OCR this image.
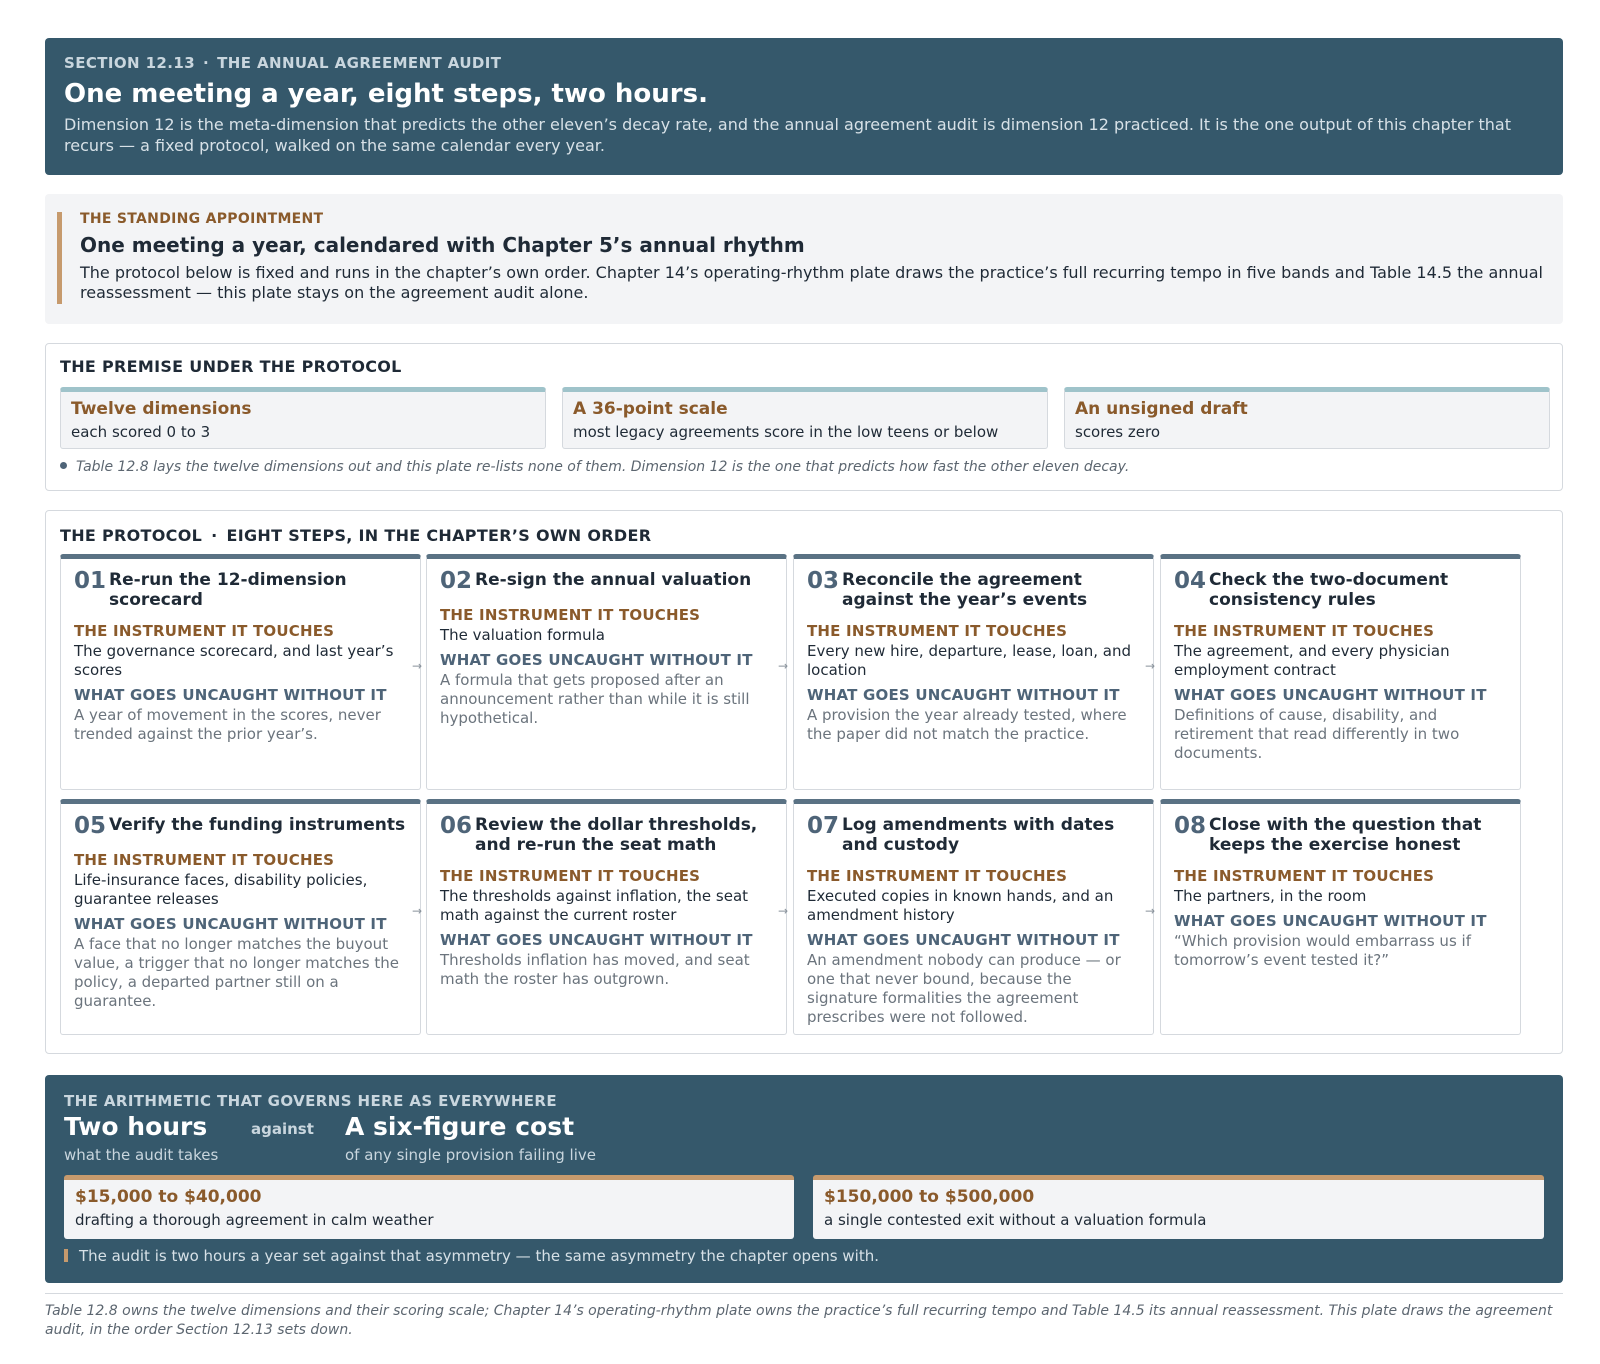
SECTION 12.13 · THE ANNUAL AGREEMENT AUDIT
One meeting a year, eight steps, two hours.

Dimension 12 is the meta-dimension that predicts the other eleven’s decay rate, and the annual agreement audit is dimension 12 practiced. It is the one output of this chapter that recurs — a fixed protocol, walked on the same calendar every year.

THE STANDING APPOINTMENT
One meeting a year, calendared with Chapter 5’s annual rhythm

The protocol below is fixed and runs in the chapter’s own order. Chapter 14’s operating-rhythm plate draws the practice’s full recurring tempo in five bands and Table 14.5 the annual reassessment — this plate stays on the agreement audit alone.

THE PREMISE UNDER THE PROTOCOL
Twelve dimensions
each scored 0 to 3
A 36-point scale
most legacy agreements score in the low teens or below
An unsigned draft
scores zero
Table 12.8 lays the twelve dimensions out and this plate re-lists none of them. Dimension 12 is the one that predicts how fast the other eleven decay.
THE PROTOCOL · EIGHT STEPS, IN THE CHAPTER’S OWN ORDER
01 Re-run the 12-dimension scorecard
THE INSTRUMENT IT TOUCHES
The governance scorecard, and last year’s scores
WHAT GOES UNCAUGHT WITHOUT IT
A year of movement in the scores, never trended against the prior year’s.
→
02 Re-sign the annual valuation
THE INSTRUMENT IT TOUCHES
The valuation formula
WHAT GOES UNCAUGHT WITHOUT IT
A formula that gets proposed after an announcement rather than while it is still hypothetical.
→
03 Reconcile the agreement against the year’s events
THE INSTRUMENT IT TOUCHES
Every new hire, departure, lease, loan, and location
WHAT GOES UNCAUGHT WITHOUT IT
A provision the year already tested, where the paper did not match the practice.
→
04 Check the two-document consistency rules
THE INSTRUMENT IT TOUCHES
The agreement, and every physician employment contract
WHAT GOES UNCAUGHT WITHOUT IT
Definitions of cause, disability, and retirement that read differently in two documents.
05 Verify the funding instruments
THE INSTRUMENT IT TOUCHES
Life-insurance faces, disability policies, guarantee releases
WHAT GOES UNCAUGHT WITHOUT IT
A face that no longer matches the buyout value, a trigger that no longer matches the policy, a departed partner still on a guarantee.
→
06 Review the dollar thresholds, and re-run the seat math
THE INSTRUMENT IT TOUCHES
The thresholds against inflation, the seat math against the current roster
WHAT GOES UNCAUGHT WITHOUT IT
Thresholds inflation has moved, and seat math the roster has outgrown.
→
07 Log amendments with dates and custody
THE INSTRUMENT IT TOUCHES
Executed copies in known hands, and an amendment history
WHAT GOES UNCAUGHT WITHOUT IT
An amendment nobody can produce — or one that never bound, because the signature formalities the agreement prescribes were not followed.
→
08 Close with the question that keeps the exercise honest
THE INSTRUMENT IT TOUCHES
The partners, in the room
WHAT GOES UNCAUGHT WITHOUT IT
“Which provision would embarrass us if tomorrow’s event tested it?”
THE ARITHMETIC THAT GOVERNS HERE AS EVERYWHERE
Two hours
what the audit takes
against A six-figure cost
of any single provision failing live
$15,000 to $40,000
drafting a thorough agreement in calm weather
$150,000 to $500,000
a single contested exit without a valuation formula
The audit is two hours a year set against that asymmetry — the same asymmetry the chapter opens with.
Table 12.8 owns the twelve dimensions and their scoring scale; Chapter 14’s operating-rhythm plate owns the practice’s full recurring tempo and Table 14.5 its annual reassessment. This plate draws the agreement audit, in the order Section 12.13 sets down.
